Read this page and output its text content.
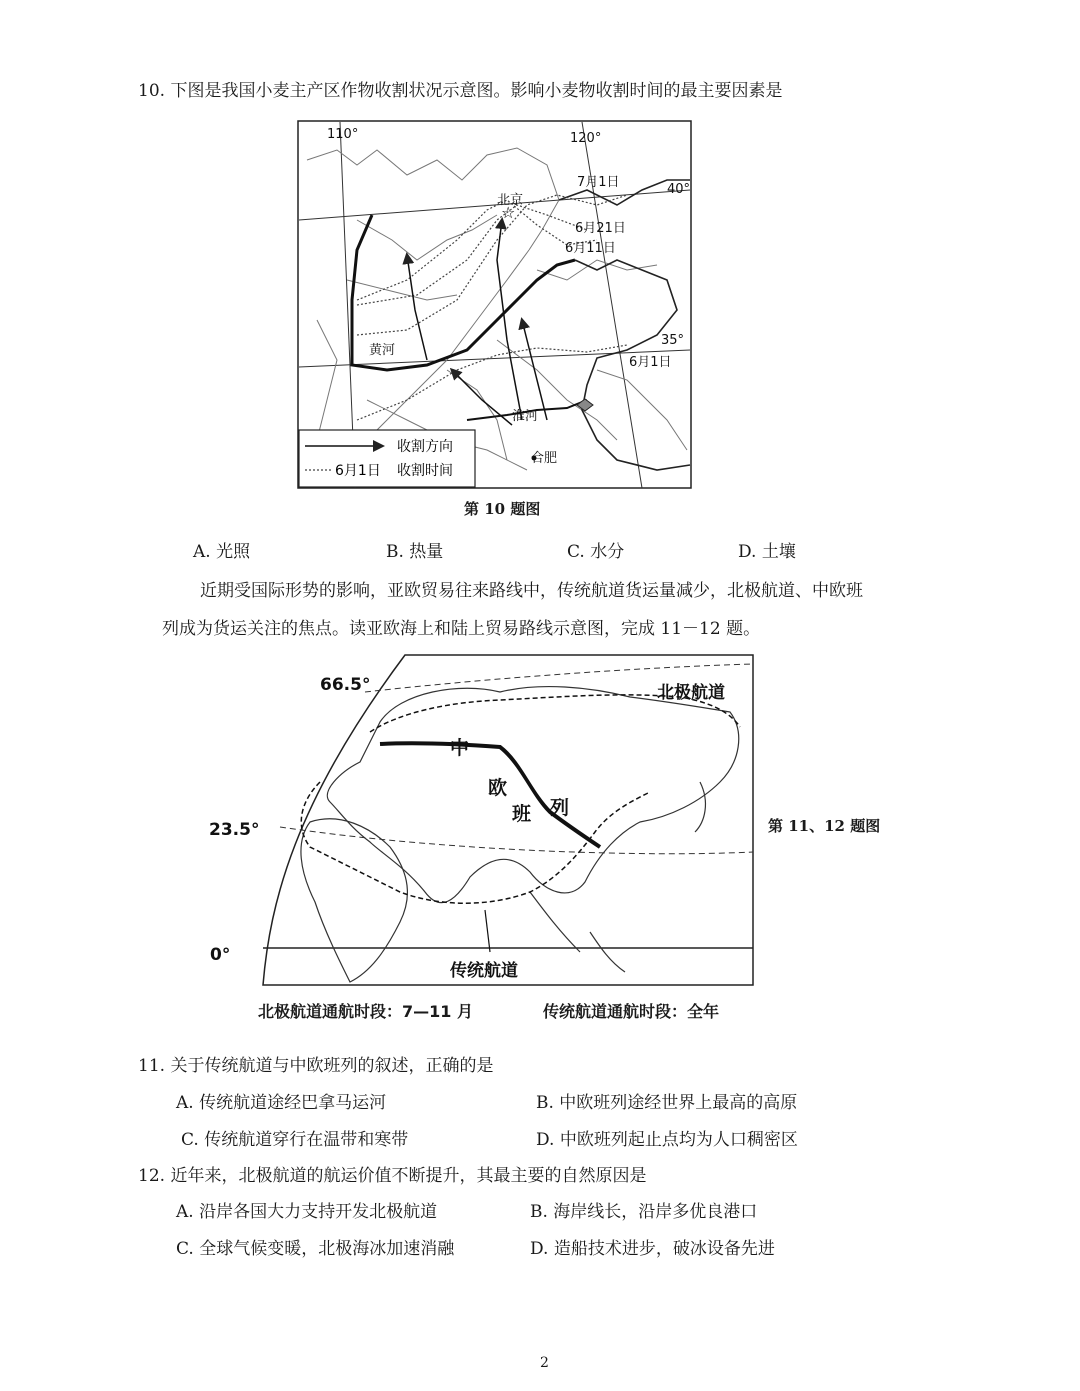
10. 下图是我国小麦主产区作物收割状况示意图。影响小麦物收割时间的最主要因素是
☆
110°	120°
40°
35°
北京
7月1日
6月21日
6月11日
6月1日
黄河
淮河
合肥
收割方向
6月1日 收割时间
第 10 题图
A. 光照	B. 热量	C. 水分	D. 土壤
近期受国际形势的影响，亚欧贸易往来路线中，传统航道货运量减少，北极航道、中欧班
列成为货运关注的焦点。读亚欧海上和陆上贸易路线示意图，完成 11－12 题。
66.5°
23.5°
0°
北极航道
传统航道
中
欧
班 列
第 11、12 题图
北极航道通航时段：7—11 月	传统航道通航时段：全年
11. 关于传统航道与中欧班列的叙述，正确的是
A. 传统航道途经巴拿马运河	B. 中欧班列途经世界上最高的高原
C. 传统航道穿行在温带和寒带	D. 中欧班列起止点均为人口稠密区
12. 近年来，北极航道的航运价值不断提升，其最主要的自然原因是
A. 沿岸各国大力支持开发北极航道	B. 海岸线长，沿岸多优良港口
C. 全球气候变暖，北极海冰加速消融	D. 造船技术进步，破冰设备先进
2
